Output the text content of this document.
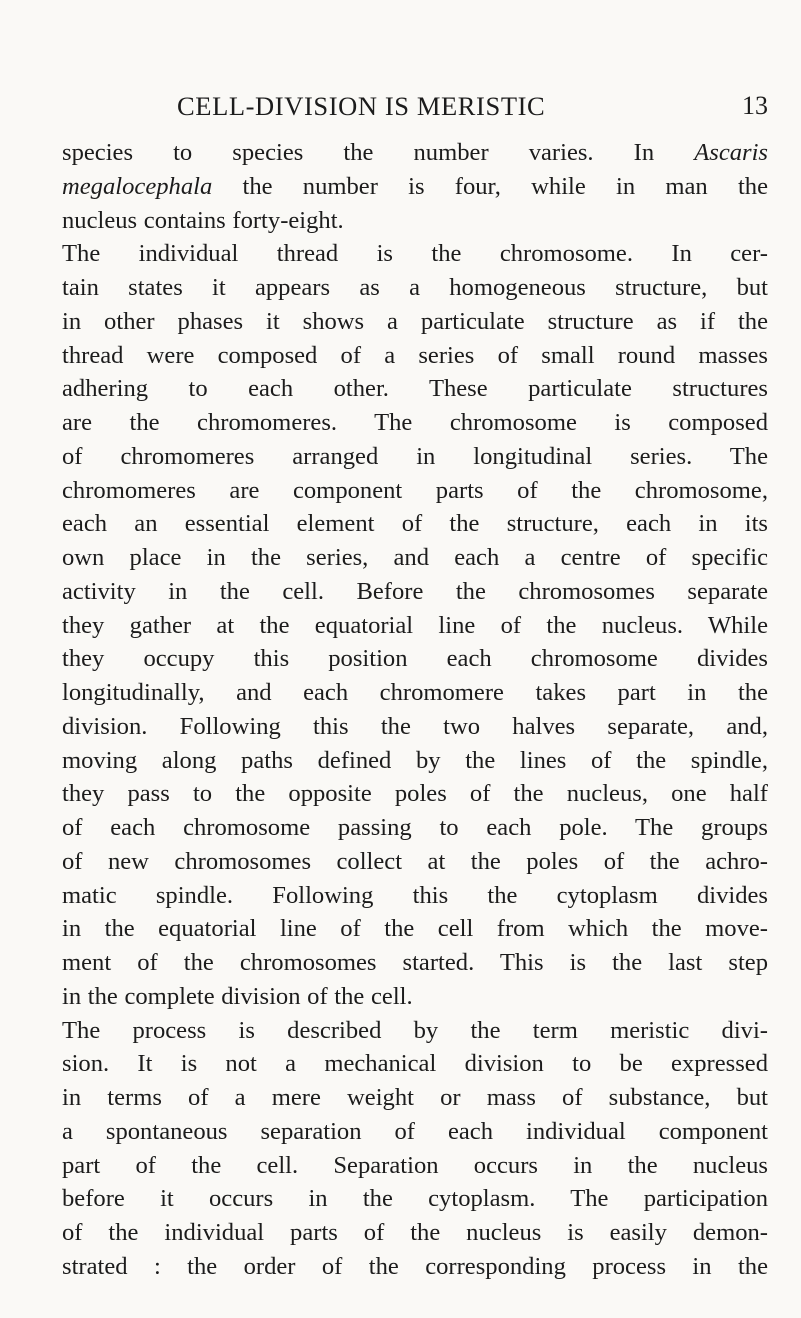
CELL-DIVISION IS MERISTIC	13
species to species the number varies. In Ascaris
megalocephala the number is four, while in man the
nucleus contains forty-eight.
The individual thread is the chromosome. In cer-
tain states it appears as a homogeneous structure, but
in other phases it shows a particulate structure as if the
thread were composed of a series of small round masses
adhering to each other. These particulate structures
are the chromomeres. The chromosome is composed
of chromomeres arranged in longitudinal series. The
chromomeres are component parts of the chromosome,
each an essential element of the structure, each in its
own place in the series, and each a centre of specific
activity in the cell. Before the chromosomes separate
they gather at the equatorial line of the nucleus. While
they occupy this position each chromosome divides
longitudinally, and each chromomere takes part in the
division. Following this the two halves separate, and,
moving along paths defined by the lines of the spindle,
they pass to the opposite poles of the nucleus, one half
of each chromosome passing to each pole. The groups
of new chromosomes collect at the poles of the achro-
matic spindle. Following this the cytoplasm divides
in the equatorial line of the cell from which the move-
ment of the chromosomes started. This is the last step
in the complete division of the cell.
The process is described by the term meristic divi-
sion. It is not a mechanical division to be expressed
in terms of a mere weight or mass of substance, but
a spontaneous separation of each individual component
part of the cell. Separation occurs in the nucleus
before it occurs in the cytoplasm. The participation
of the individual parts of the nucleus is easily demon-
strated : the order of the corresponding process in the
